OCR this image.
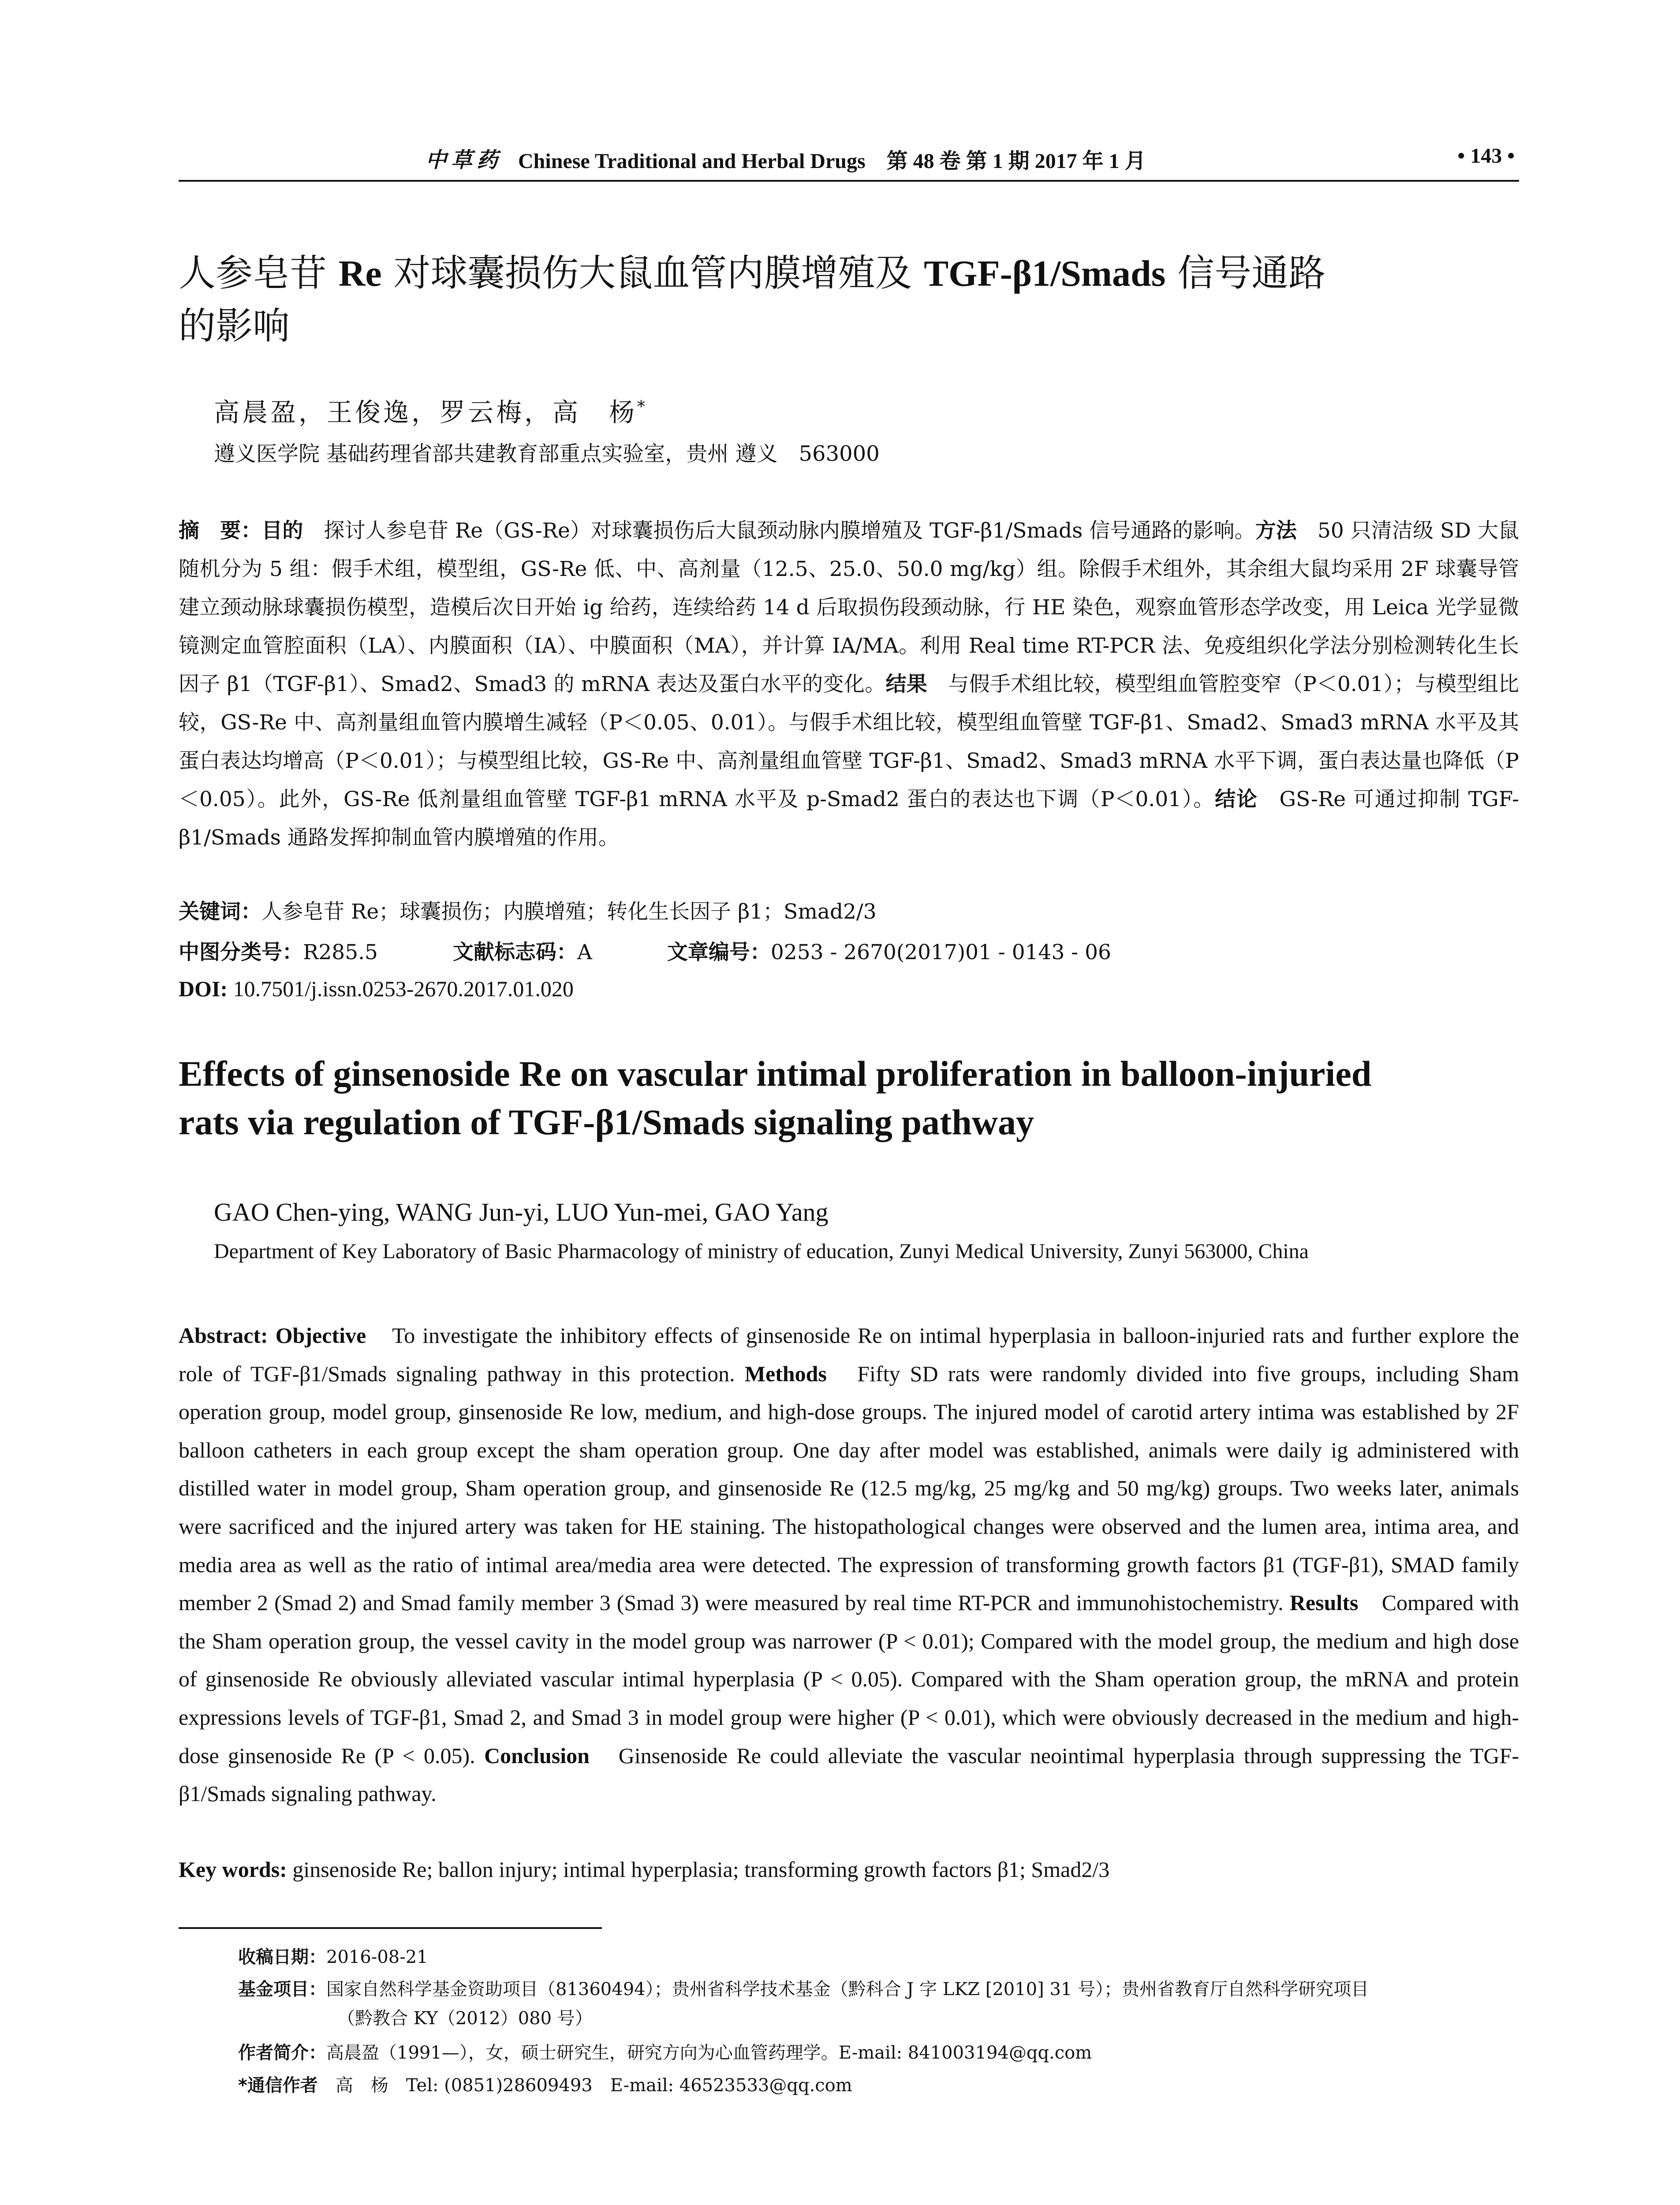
中草药 Chinese Traditional and Herbal Drugs　第 48 卷 第 1 期 2017 年 1 月	• 143 •
人参皂苷 Re 对球囊损伤大鼠血管内膜增殖及 TGF-β1/Smads 信号通路
的影响
高晨盈，王俊逸，罗云梅，高　杨*
遵义医学院 基础药理省部共建教育部重点实验室，贵州 遵义　563000
摘　要：目的　探讨人参皂苷 Re（GS-Re）对球囊损伤后大鼠颈动脉内膜增殖及 TGF-β1/Smads 信号通路的影响。方法　50 只清洁级 SD 大鼠随机分为 5 组：假手术组，模型组，GS-Re 低、中、高剂量（12.5、25.0、50.0 mg/kg）组。除假手术组外，其余组大鼠均采用 2F 球囊导管建立颈动脉球囊损伤模型，造模后次日开始 ig 给药，连续给药 14 d 后取损伤段颈动脉，行 HE 染色，观察血管形态学改变，用 Leica 光学显微镜测定血管腔面积（LA）、内膜面积（IA）、中膜面积（MA），并计算 IA/MA。利用 Real time RT-PCR 法、免疫组织化学法分别检测转化生长因子 β1（TGF-β1）、Smad2、Smad3 的 mRNA 表达及蛋白水平的变化。结果　与假手术组比较，模型组血管腔变窄（P＜0.01）；与模型组比较，GS-Re 中、高剂量组血管内膜增生减轻（P＜0.05、0.01）。与假手术组比较，模型组血管壁 TGF-β1、Smad2、Smad3 mRNA 水平及其蛋白表达均增高（P＜0.01）；与模型组比较，GS-Re 中、高剂量组血管壁 TGF-β1、Smad2、Smad3 mRNA 水平下调，蛋白表达量也降低（P＜0.05）。此外，GS-Re 低剂量组血管壁 TGF-β1 mRNA 水平及 p-Smad2 蛋白的表达也下调（P＜0.01）。结论　GS-Re 可通过抑制 TGF-β1/Smads 通路发挥抑制血管内膜增殖的作用。
关键词：人参皂苷 Re；球囊损伤；内膜增殖；转化生长因子 β1；Smad2/3
中图分类号：R285.5	文献标志码：A	文章编号：0253 - 2670(2017)01 - 0143 - 06
DOI: 10.7501/j.issn.0253-2670.2017.01.020
Effects of ginsenoside Re on vascular intimal proliferation in balloon-injuried
rats via regulation of TGF-β1/Smads signaling pathway
GAO Chen-ying, WANG Jun-yi, LUO Yun-mei, GAO Yang
Department of Key Laboratory of Basic Pharmacology of ministry of education, Zunyi Medical University, Zunyi 563000, China
Abstract: Objective　To investigate the inhibitory effects of ginsenoside Re on intimal hyperplasia in balloon-injuried rats and further explore the role of TGF-β1/Smads signaling pathway in this protection. Methods　Fifty SD rats were randomly divided into five groups, including Sham operation group, model group, ginsenoside Re low, medium, and high-dose groups. The injured model of carotid artery intima was established by 2F balloon catheters in each group except the sham operation group. One day after model was established, animals were daily ig administered with distilled water in model group, Sham operation group, and ginsenoside Re (12.5 mg/kg, 25 mg/kg and 50 mg/kg) groups. Two weeks later, animals were sacrificed and the injured artery was taken for HE staining. The histopathological changes were observed and the lumen area, intima area, and media area as well as the ratio of intimal area/media area were detected. The expression of transforming growth factors β1 (TGF-β1), SMAD family member 2 (Smad 2) and Smad family member 3 (Smad 3) were measured by real time RT-PCR and immunohistochemistry. Results　Compared with the Sham operation group, the vessel cavity in the model group was narrower (P < 0.01); Compared with the model group, the medium and high dose of ginsenoside Re obviously alleviated vascular intimal hyperplasia (P < 0.05). Compared with the Sham operation group, the mRNA and protein expressions levels of TGF-β1, Smad 2, and Smad 3 in model group were higher (P < 0.01), which were obviously decreased in the medium and high-dose ginsenoside Re (P < 0.05). Conclusion　Ginsenoside Re could alleviate the vascular neointimal hyperplasia through suppressing the TGF-β1/Smads signaling pathway.
Key words: ginsenoside Re; ballon injury; intimal hyperplasia; transforming growth factors β1; Smad2/3
收稿日期：2016-08-21
基金项目：国家自然科学基金资助项目（81360494）；贵州省科学技术基金（黔科合 J 字 LKZ [2010] 31 号）；贵州省教育厅自然科学研究项目
（黔教合 KY（2012）080 号）
作者简介：高晨盈（1991—），女，硕士研究生，研究方向为心血管药理学。E-mail: 841003194@qq.com
*通信作者　高　杨　Tel: (0851)28609493　E-mail: 46523533@qq.com
